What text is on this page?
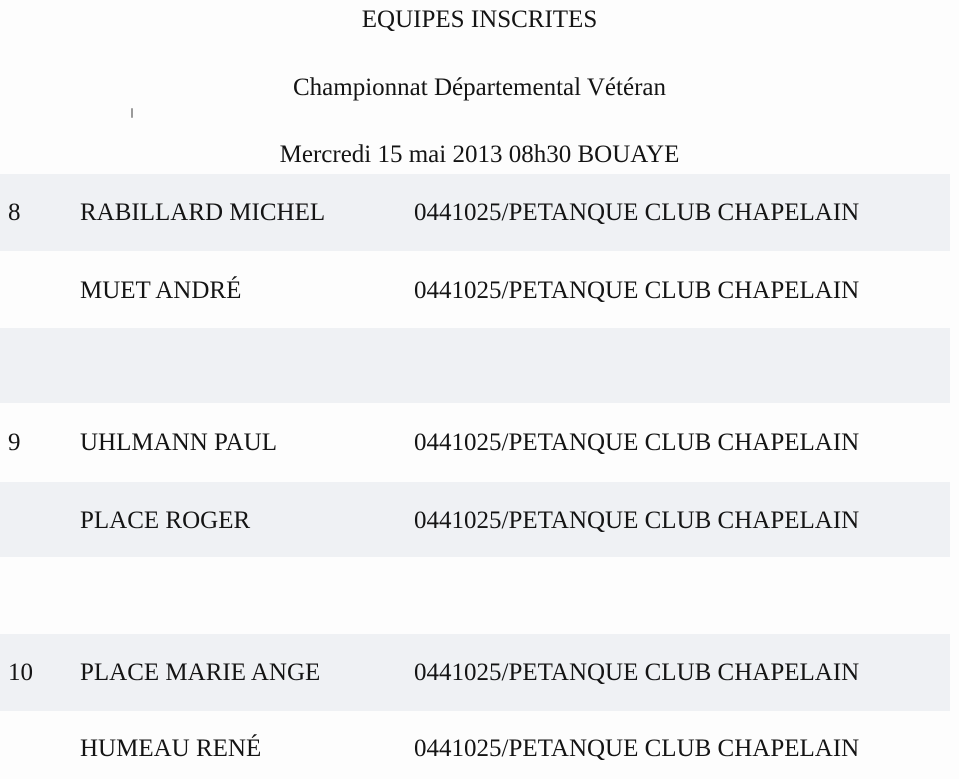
EQUIPES INSCRITES
Championnat Départemental Vétéran
Mercredi 15 mai 2013 08h30 BOUAYE
8 RABILLARD MICHEL	0441025/PETANQUE CLUB CHAPELAIN
MUET ANDRÉ	0441025/PETANQUE CLUB CHAPELAIN
9 UHLMANN PAUL	0441025/PETANQUE CLUB CHAPELAIN
PLACE ROGER	0441025/PETANQUE CLUB CHAPELAIN
10 PLACE MARIE ANGE	0441025/PETANQUE CLUB CHAPELAIN
HUMEAU RENÉ	0441025/PETANQUE CLUB CHAPELAIN
